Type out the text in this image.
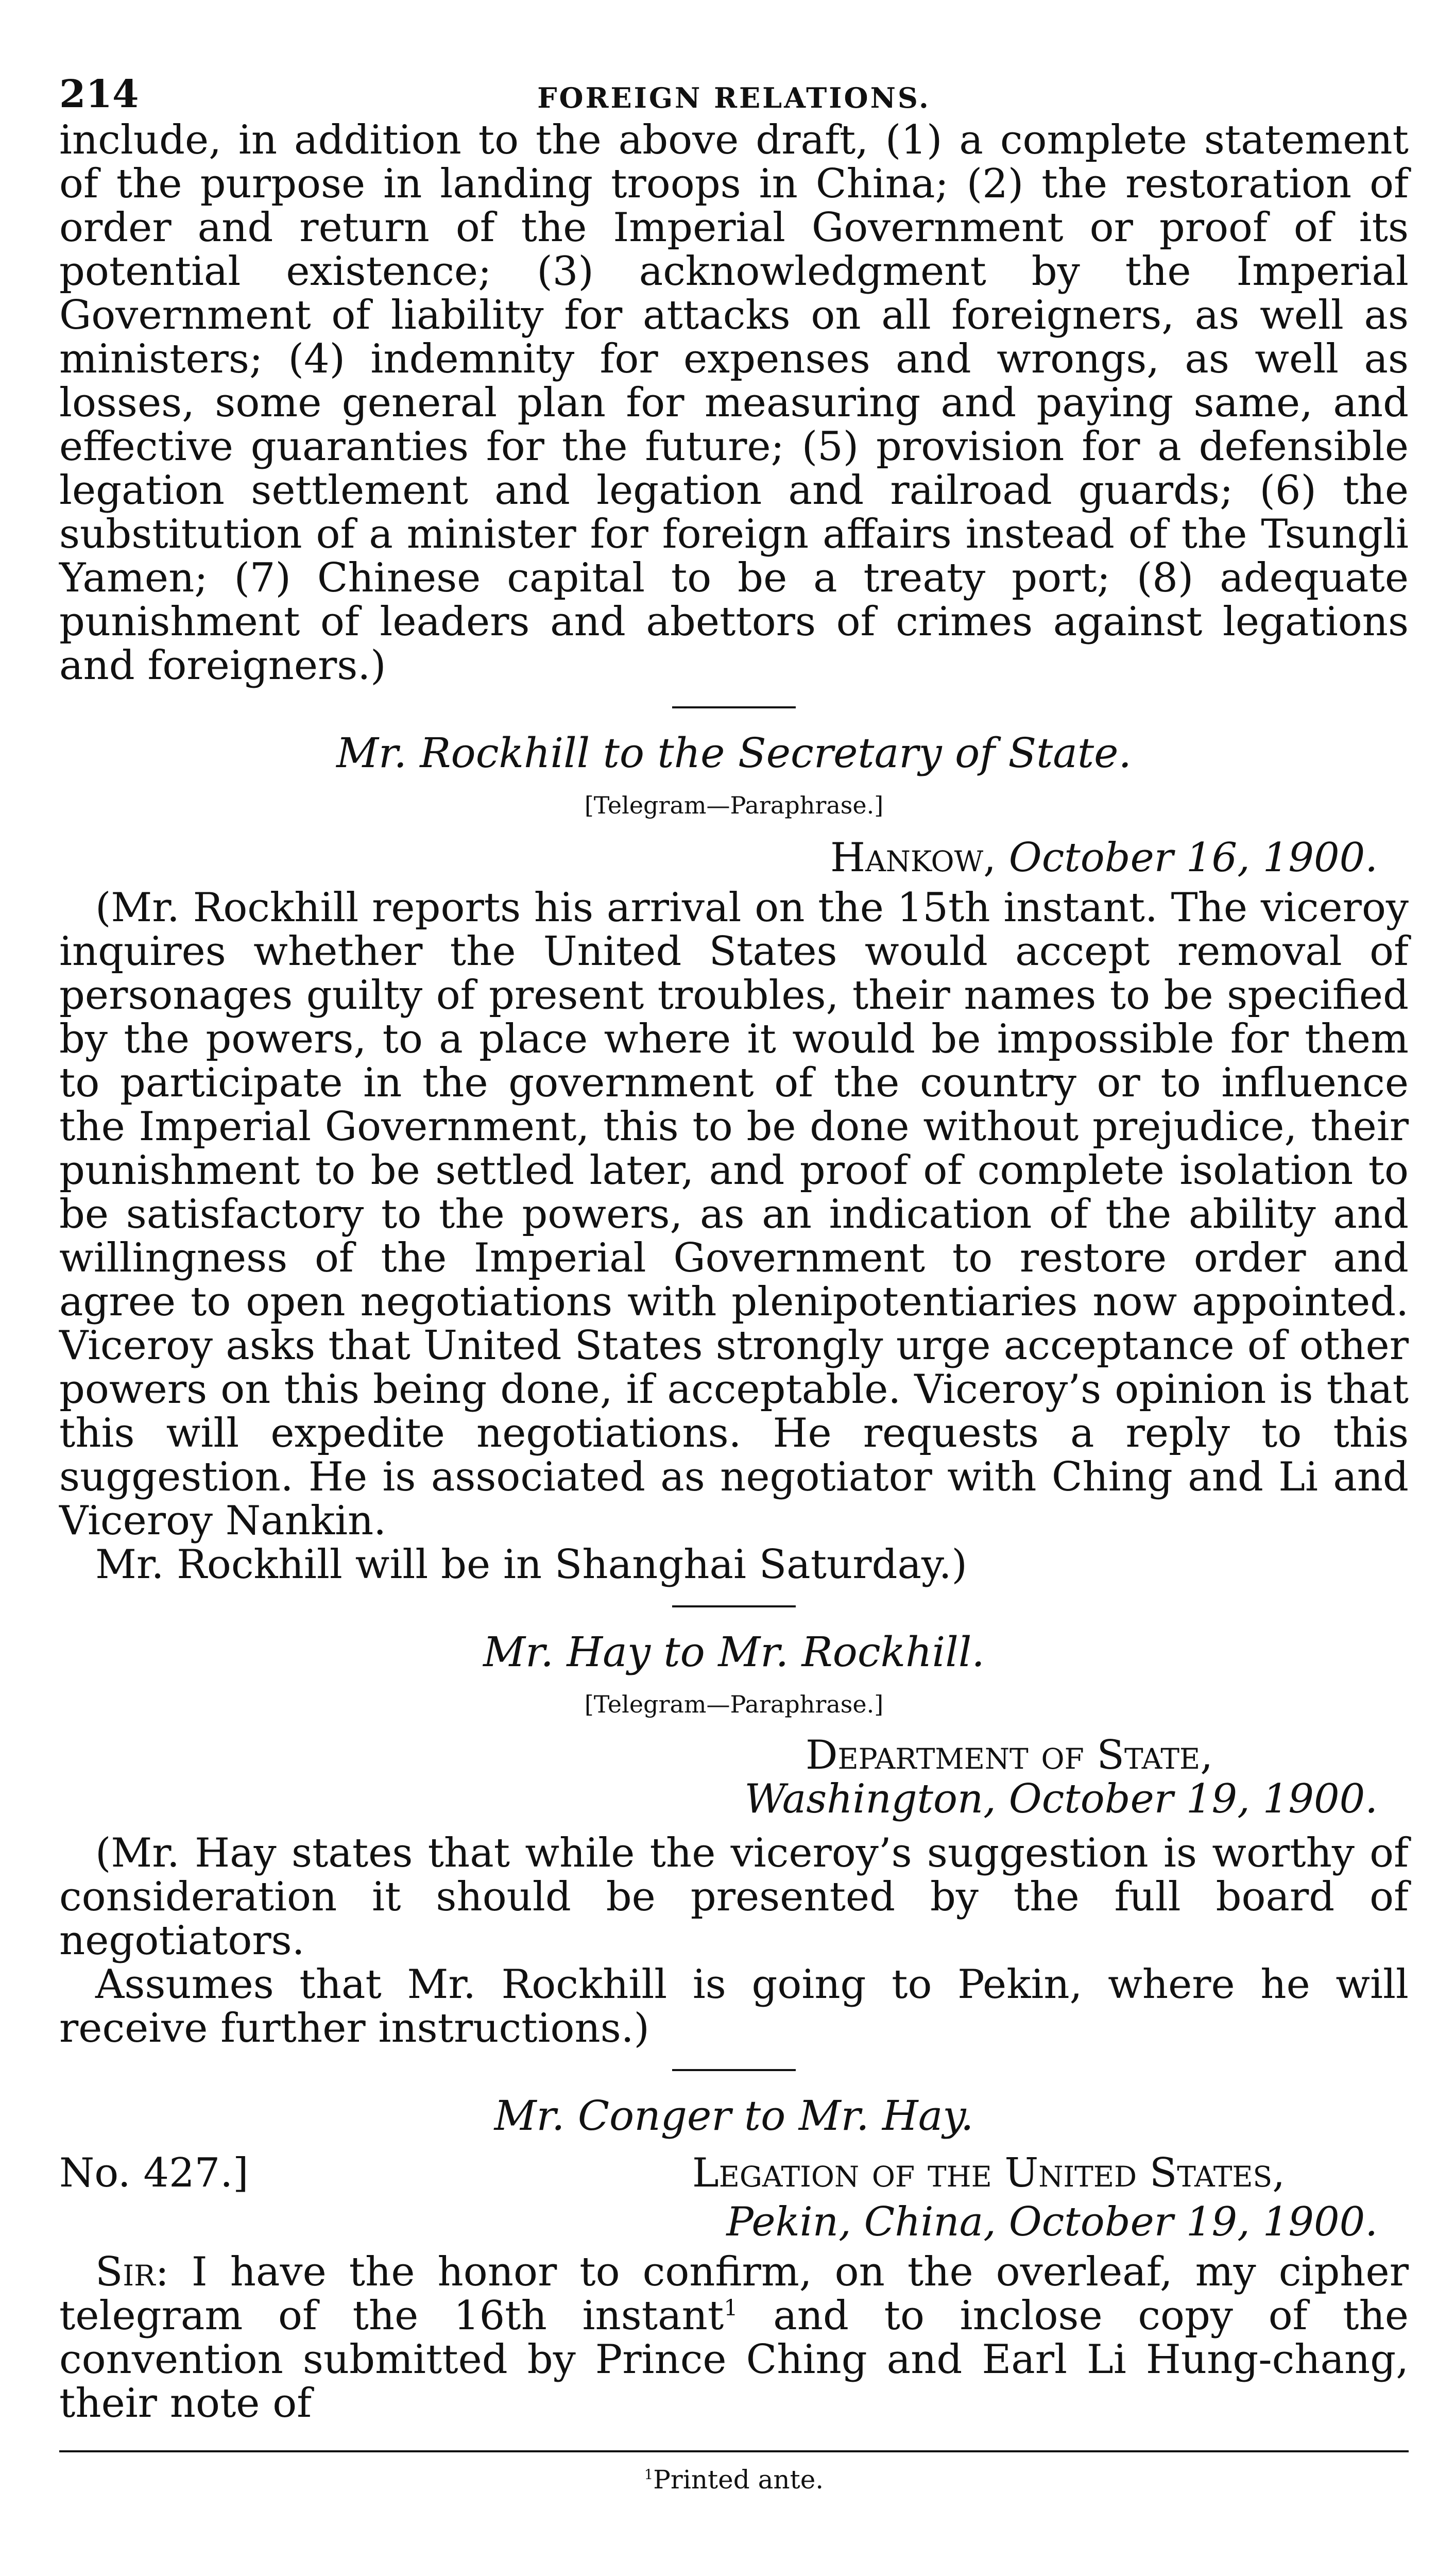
214	FOREIGN RELATIONS.

include, in addition to the above draft, (1) a complete statement of the purpose in landing troops in China; (2) the restoration of order and return of the Imperial Government or proof of its potential existence; (3) acknowledgment by the Imperial Government of liability for attacks on all foreigners, as well as ministers; (4) indemnity for expenses and wrongs, as well as losses, some general plan for measuring and paying same, and effective guaranties for the future; (5) provision for a defensible legation settlement and legation and railroad guards; (6) the substitution of a minister for foreign affairs instead of the Tsungli Yamen; (7) Chinese capital to be a treaty port; (8) adequate punishment of leaders and abettors of crimes against legations and foreigners.)

Mr. Rockhill to the Secretary of State.
[Telegram—Paraphrase.]
Hankow, October 16, 1900.

(Mr. Rockhill reports his arrival on the 15th instant. The viceroy inquires whether the United States would accept removal of personages guilty of present troubles, their names to be specified by the powers, to a place where it would be impossible for them to participate in the government of the country or to influence the Imperial Government, this to be done without prejudice, their punishment to be settled later, and proof of complete isolation to be satisfactory to the powers, as an indication of the ability and willingness of the Imperial Government to restore order and agree to open negotiations with plenipotentiaries now appointed. Viceroy asks that United States strongly urge acceptance of other powers on this being done, if acceptable. Viceroy’s opinion is that this will expedite negotiations. He requests a reply to this suggestion. He is associated as negotiator with Ching and Li and Viceroy Nankin.

Mr. Rockhill will be in Shanghai Saturday.)

Mr. Hay to Mr. Rockhill.
[Telegram—Paraphrase.]
Department of State,
Washington, October 19, 1900.

(Mr. Hay states that while the viceroy’s suggestion is worthy of consideration it should be presented by the full board of negotiators.

Assumes that Mr. Rockhill is going to Pekin, where he will receive further instructions.)

Mr. Conger to Mr. Hay.
No. 427.]	Legation of the United States,
Pekin, China, October 19, 1900.

Sir: I have the honor to confirm, on the overleaf, my cipher telegram of the 16th instant$^1$ and to inclose copy of the convention submitted by Prince Ching and Earl Li Hung-chang, their note of

$^1$Printed ante.
